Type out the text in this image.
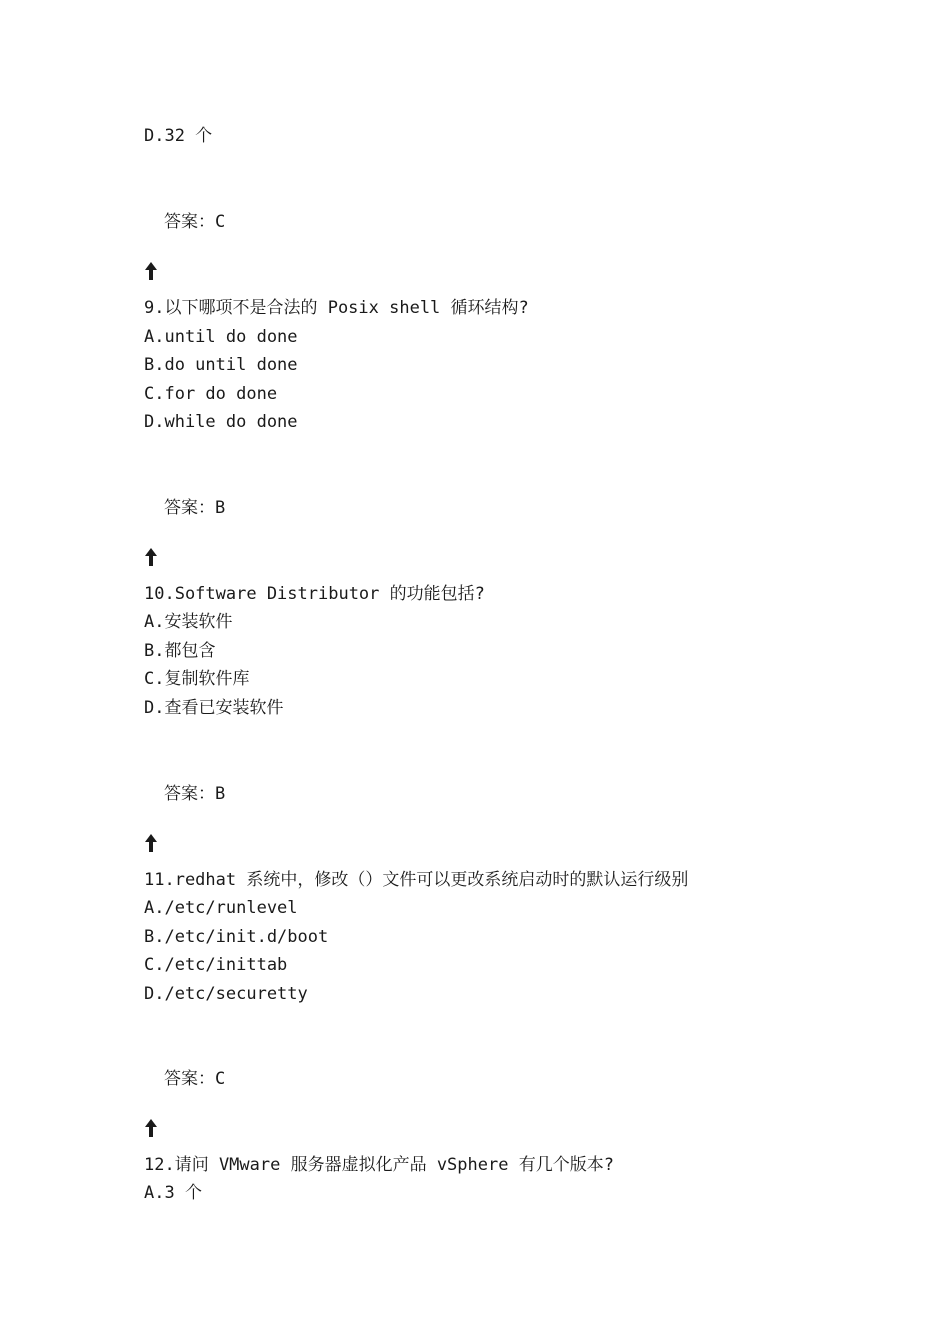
D.32 个

答案：C
9.以下哪项不是合法的 Posix shell 循环结构?
A.until do done
B.do until done
C.for do done
D.while do done

答案：B
10.Software Distributor 的功能包括?
A.安装软件
B.都包含
C.复制软件库
D.查看已安装软件

答案：B
11.redhat 系统中，修改（）文件可以更改系统启动时的默认运行级别
A./etc/runlevel
B./etc/init.d/boot
C./etc/inittab
D./etc/securetty

答案：C
12.请问 VMware 服务器虚拟化产品 vSphere 有几个版本?
A.3 个
